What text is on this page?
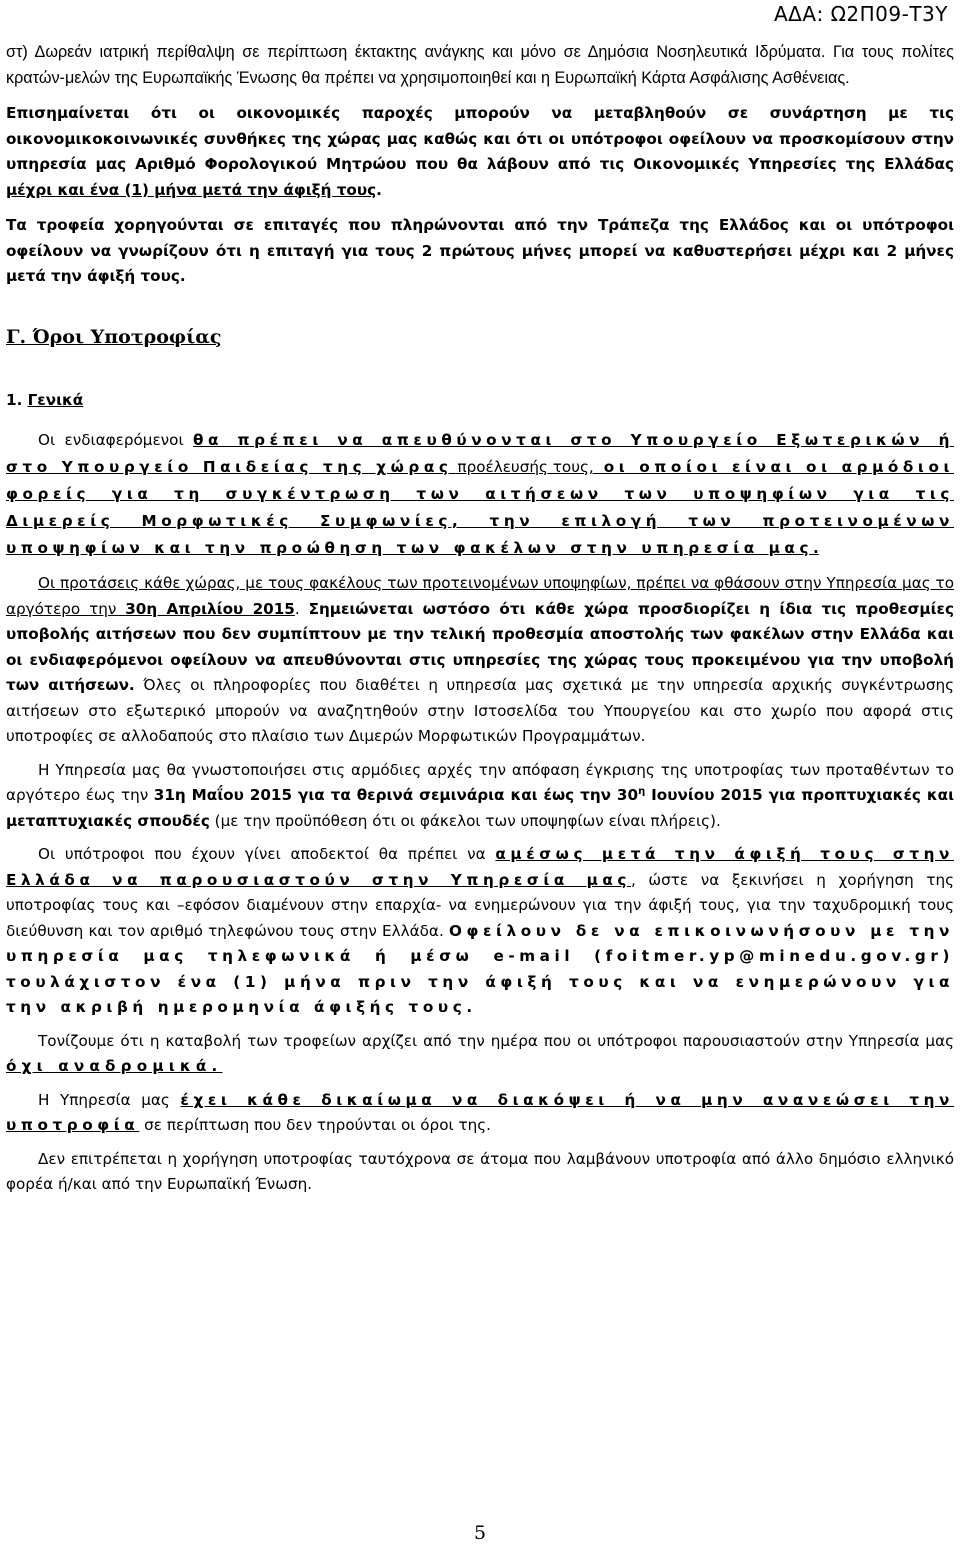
ΑΔΑ: Ω2Π09-Τ3Υ

στ) Δωρεάν ιατρική περίθαλψη σε περίπτωση έκτακτης ανάγκης και μόνο σε Δημόσια Νοσηλευτικά Ιδρύματα. Για τους πολίτες κρατών-μελών της Ευρωπαϊκής Ένωσης θα πρέπει να χρησιμοποιηθεί και η Ευρωπαϊκή Κάρτα Ασφάλισης Ασθένειας.

Επισημαίνεται ότι οι οικονομικές παροχές μπορούν να μεταβληθούν σε συνάρτηση με τις οικονομικοκοινωνικές συνθήκες της χώρας μας καθώς και ότι οι υπότροφοι οφείλουν να προσκομίσουν στην υπηρεσία μας Αριθμό Φορολογικού Μητρώου που θα λάβουν από τις Οικονομικές Υπηρεσίες της Ελλάδας μέχρι και ένα (1) μήνα μετά την άφιξή τους.

Τα τροφεία χορηγούνται σε επιταγές που πληρώνονται από την Τράπεζα της Ελλάδος και οι υπότροφοι οφείλουν να γνωρίζουν ότι η επιταγή για τους 2 πρώτους μήνες μπορεί να καθυστερήσει μέχρι και 2 μήνες μετά την άφιξή τους.

Γ. Όροι Υποτροφίας

1. Γενικά

Οι ενδιαφερόμενοι θα πρέπει να απευθύνονται στο Υπουργείο Εξωτερικών ή στο Υπουργείο Παιδείας της χώρας προέλευσής τους, οι οποίοι είναι οι αρμόδιοι φορείς για τη συγκέντρωση των αιτήσεων των υποψηφίων για τις Διμερείς Μορφωτικές Συμφωνίες, την επιλογή των προτεινομένων υποψηφίων και την προώθηση των φακέλων στην υπηρεσία μας.

Οι προτάσεις κάθε χώρας, με τους φακέλους των προτεινομένων υποψηφίων, πρέπει να φθάσουν στην Υπηρεσία μας το αργότερο την 30η Απριλίου 2015. Σημειώνεται ωστόσο ότι κάθε χώρα προσδιορίζει η ίδια τις προθεσμίες υποβολής αιτήσεων που δεν συμπίπτουν με την τελική προθεσμία αποστολής των φακέλων στην Ελλάδα και οι ενδιαφερόμενοι οφείλουν να απευθύνονται στις υπηρεσίες της χώρας τους προκειμένου για την υποβολή των αιτήσεων. Όλες οι πληροφορίες που διαθέτει η υπηρεσία μας σχετικά με την υπηρεσία αρχικής συγκέντρωσης αιτήσεων στο εξωτερικό μπορούν να αναζητηθούν στην Ιστοσελίδα του Υπουργείου και στο χωρίο που αφορά στις υποτροφίες σε αλλοδαπούς στο πλαίσιο των Διμερών Μορφωτικών Προγραμμάτων.

Η Υπηρεσία μας θα γνωστοποιήσει στις αρμόδιες αρχές την απόφαση έγκρισης της υποτροφίας των προταθέντων το αργότερο έως την 31η Μαΐου 2015 για τα θερινά σεμινάρια και έως την $30^\eta$ Ιουνίου 2015 για προπτυχιακές και μεταπτυχιακές σπουδές (με την προϋπόθεση ότι οι φάκελοι των υποψηφίων είναι πλήρεις).

Οι υπότροφοι που έχουν γίνει αποδεκτοί θα πρέπει να αμέσως μετά την άφιξή τους στην Ελλάδα να παρουσιαστούν στην Υπηρεσία μας, ώστε να ξεκινήσει η χορήγηση της υποτροφίας τους και –εφόσον διαμένουν στην επαρχία- να ενημερώνουν για την άφιξή τους, για την ταχυδρομική τους διεύθυνση και τον αριθμό τηλεφώνου τους στην Ελλάδα. Οφείλουν δε να επικοινωνήσουν με την υπηρεσία μας τηλεφωνικά ή μέσω e-mail (foitmer.yp@minedu.gov.gr) τουλάχιστον ένα (1) μήνα πριν την άφιξή τους και να ενημερώνουν για την ακριβή ημερομηνία άφιξής τους.

Τονίζουμε ότι η καταβολή των τροφείων αρχίζει από την ημέρα που οι υπότροφοι παρουσιαστούν στην Υπηρεσία μας όχι αναδρομικά.

Η Υπηρεσία μας έχει κάθε δικαίωμα να διακόψει ή να μην ανανεώσει την υποτροφία σε περίπτωση που δεν τηρούνται οι όροι της.

Δεν επιτρέπεται η χορήγηση υποτροφίας ταυτόχρονα σε άτομα που λαμβάνουν υποτροφία από άλλο δημόσιο ελληνικό φορέα ή/και από την Ευρωπαϊκή Ένωση.

5
